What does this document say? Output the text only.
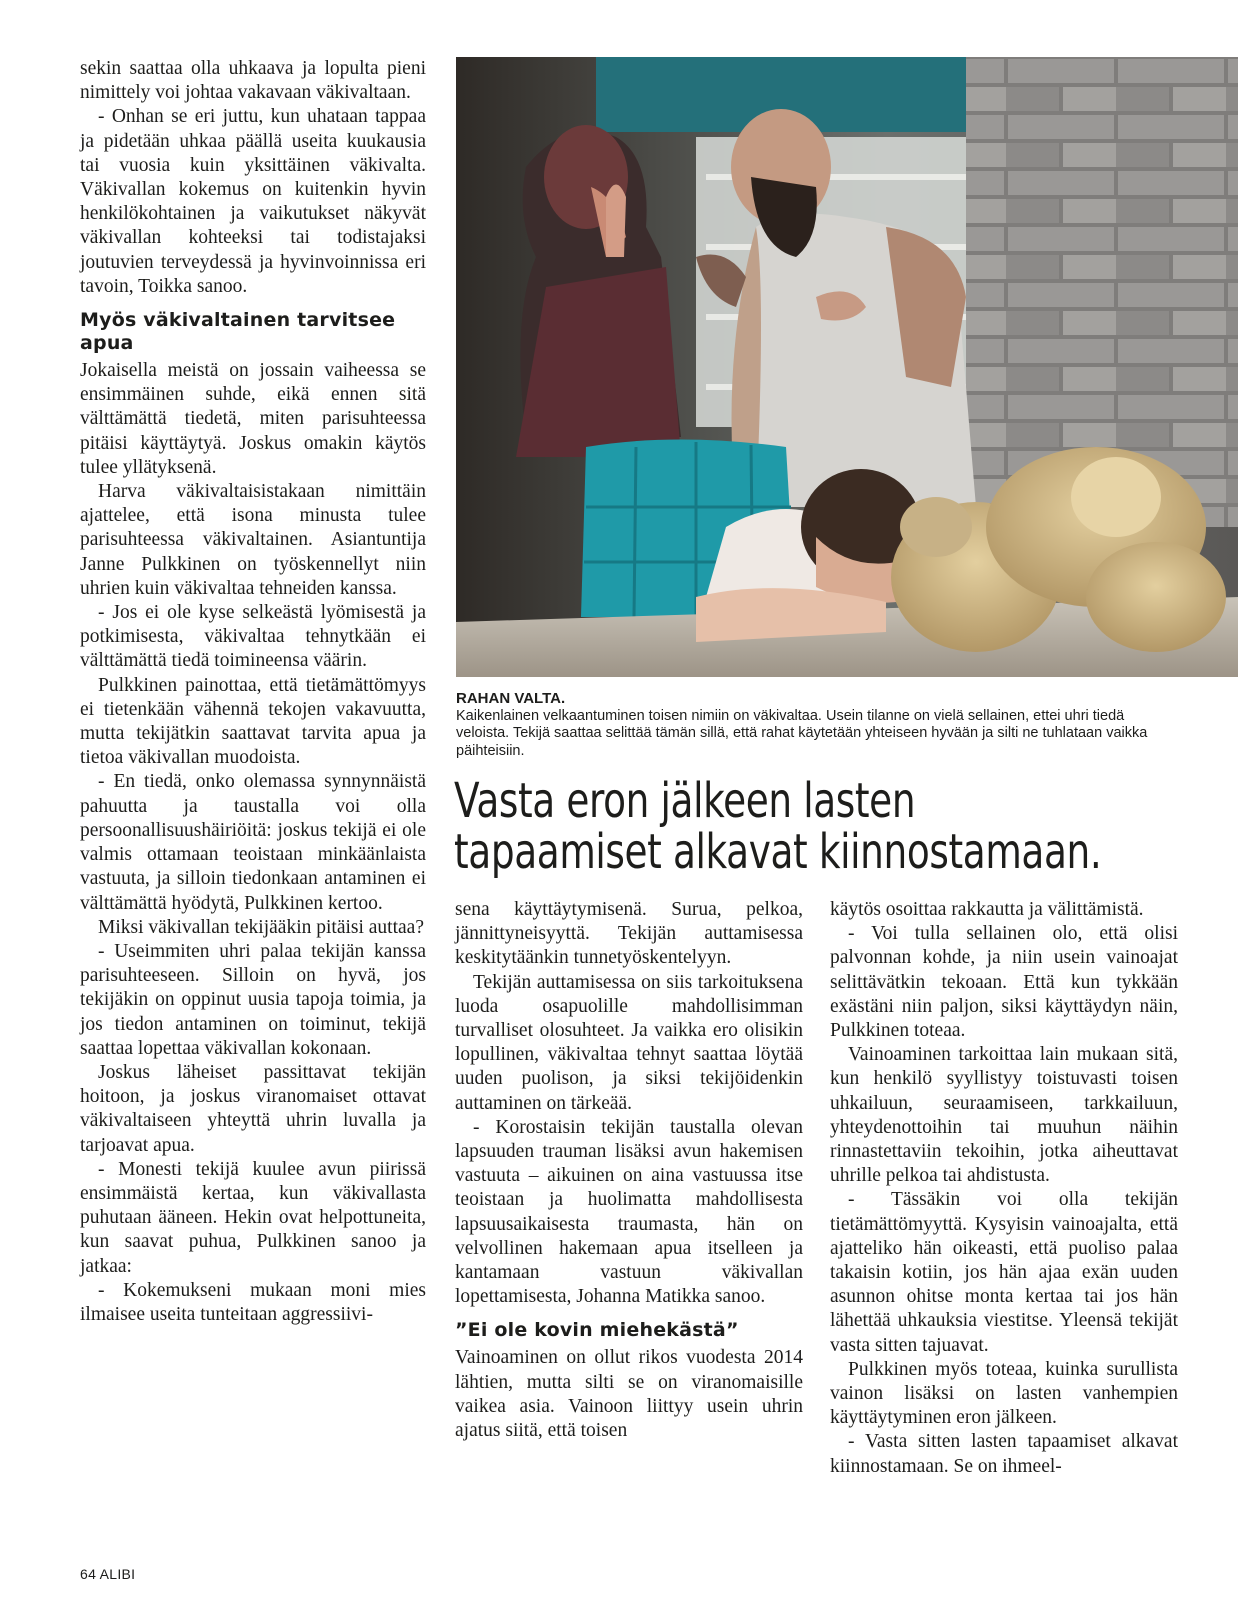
sekin saattaa olla uhkaava ja lopulta pieni nimittely voi johtaa vakavaan väkivaltaan.

- Onhan se eri juttu, kun uhataan tappaa ja pidetään uhkaa päällä useita kuukausia tai vuosia kuin yksittäinen väkivalta. Väkivallan kokemus on kuitenkin hyvin henkilökohtainen ja vaikutukset näkyvät väkivallan kohteeksi tai todistajaksi joutuvien terveydessä ja hyvinvoinnissa eri tavoin, Toikka sanoo.

Myös väkivaltainen tarvitsee apua

Jokaisella meistä on jossain vaiheessa se ensimmäinen suhde, eikä ennen sitä välttämättä tiedetä, miten parisuhteessa pitäisi käyttäytyä. Joskus omakin käytös tulee yllätyksenä.

Harva väkivaltaisistakaan nimittäin ajattelee, että isona minusta tulee parisuhteessa väkivaltainen. Asiantuntija Janne Pulkkinen on työskennellyt niin uhrien kuin väkivaltaa tehneiden kanssa.

- Jos ei ole kyse selkeästä lyömisestä ja potkimisesta, väkivaltaa tehnytkään ei välttämättä tiedä toimineensa väärin.

Pulkkinen painottaa, että tietämättömyys ei tietenkään vähennä tekojen vakavuutta, mutta tekijätkin saattavat tarvita apua ja tietoa väkivallan muodoista.

- En tiedä, onko olemassa synnynnäistä pahuutta ja taustalla voi olla persoonallisuushäiriöitä: joskus tekijä ei ole valmis ottamaan teoistaan minkäänlaista vastuuta, ja silloin tiedonkaan antaminen ei välttämättä hyödytä, Pulkkinen kertoo.

Miksi väkivallan tekijääkin pitäisi auttaa?

- Useimmiten uhri palaa tekijän kanssa parisuhteeseen. Silloin on hyvä, jos tekijäkin on oppinut uusia tapoja toimia, ja jos tiedon antaminen on toiminut, tekijä saattaa lopettaa väkivallan kokonaan.

Joskus läheiset passittavat tekijän hoitoon, ja joskus viranomaiset ottavat väkivaltaiseen yhteyttä uhrin luvalla ja tarjoavat apua.

- Monesti tekijä kuulee avun piirissä ensimmäistä kertaa, kun väkivallasta puhutaan ääneen. Hekin ovat helpottuneita, kun saavat puhua, Pulkkinen sanoo ja jatkaa:

- Kokemukseni mukaan moni mies ilmaisee useita tunteitaan aggressiivi-

RAHAN VALTA.
Kaikenlainen velkaantuminen toisen nimiin on väkivaltaa. Usein tilanne on vielä sellainen, ettei uhri tiedä veloista. Tekijä saattaa selittää tämän sillä, että rahat käytetään yhteiseen hyvään ja silti ne tuhlataan vaikka päihteisiin.
Vasta eron jälkeen lasten
tapaamiset alkavat kiinnostamaan.

sena käyttäytymisenä. Surua, pelkoa, jännittyneisyyttä. Tekijän auttamisessa keskitytäänkin tunnetyöskentelyyn.

Tekijän auttamisessa on siis tarkoituksena luoda osapuolille mahdollisimman turvalliset olosuhteet. Ja vaikka ero olisikin lopullinen, väkivaltaa tehnyt saattaa löytää uuden puolison, ja siksi tekijöidenkin auttaminen on tärkeää.

- Korostaisin tekijän taustalla olevan lapsuuden trauman lisäksi avun hakemisen vastuuta – aikuinen on aina vastuussa itse teoistaan ja huolimatta mahdollisesta lapsuusaikaisesta traumasta, hän on velvollinen hakemaan apua itselleen ja kantamaan vastuun väkivallan lopettamisesta, Johanna Matikka sanoo.

”Ei ole kovin miehekästä”

Vainoaminen on ollut rikos vuodesta 2014 lähtien, mutta silti se on viranomaisille vaikea asia. Vainoon liittyy usein uhrin ajatus siitä, että toisen

käytös osoittaa rakkautta ja välittämistä.

- Voi tulla sellainen olo, että olisi palvonnan kohde, ja niin usein vainoajat selittävätkin tekoaan. Että kun tykkään exästäni niin paljon, siksi käyttäydyn näin, Pulkkinen toteaa.

Vainoaminen tarkoittaa lain mukaan sitä, kun henkilö syyllistyy toistuvasti toisen uhkailuun, seuraamiseen, tarkkailuun, yhteydenottoihin tai muuhun näihin rinnastettaviin tekoihin, jotka aiheuttavat uhrille pelkoa tai ahdistusta.

- Tässäkin voi olla tekijän tietämättömyyttä. Kysyisin vainoajalta, että ajatteliko hän oikeasti, että puoliso palaa takaisin kotiin, jos hän ajaa exän uuden asunnon ohitse monta kertaa tai jos hän lähettää uhkauksia viestitse. Yleensä tekijät vasta sitten tajuavat.

Pulkkinen myös toteaa, kuinka surullista vainon lisäksi on lasten vanhempien käyttäytyminen eron jälkeen.

- Vasta sitten lasten tapaamiset alkavat kiinnostamaan. Se on ihmeel-

64 ALIBI
